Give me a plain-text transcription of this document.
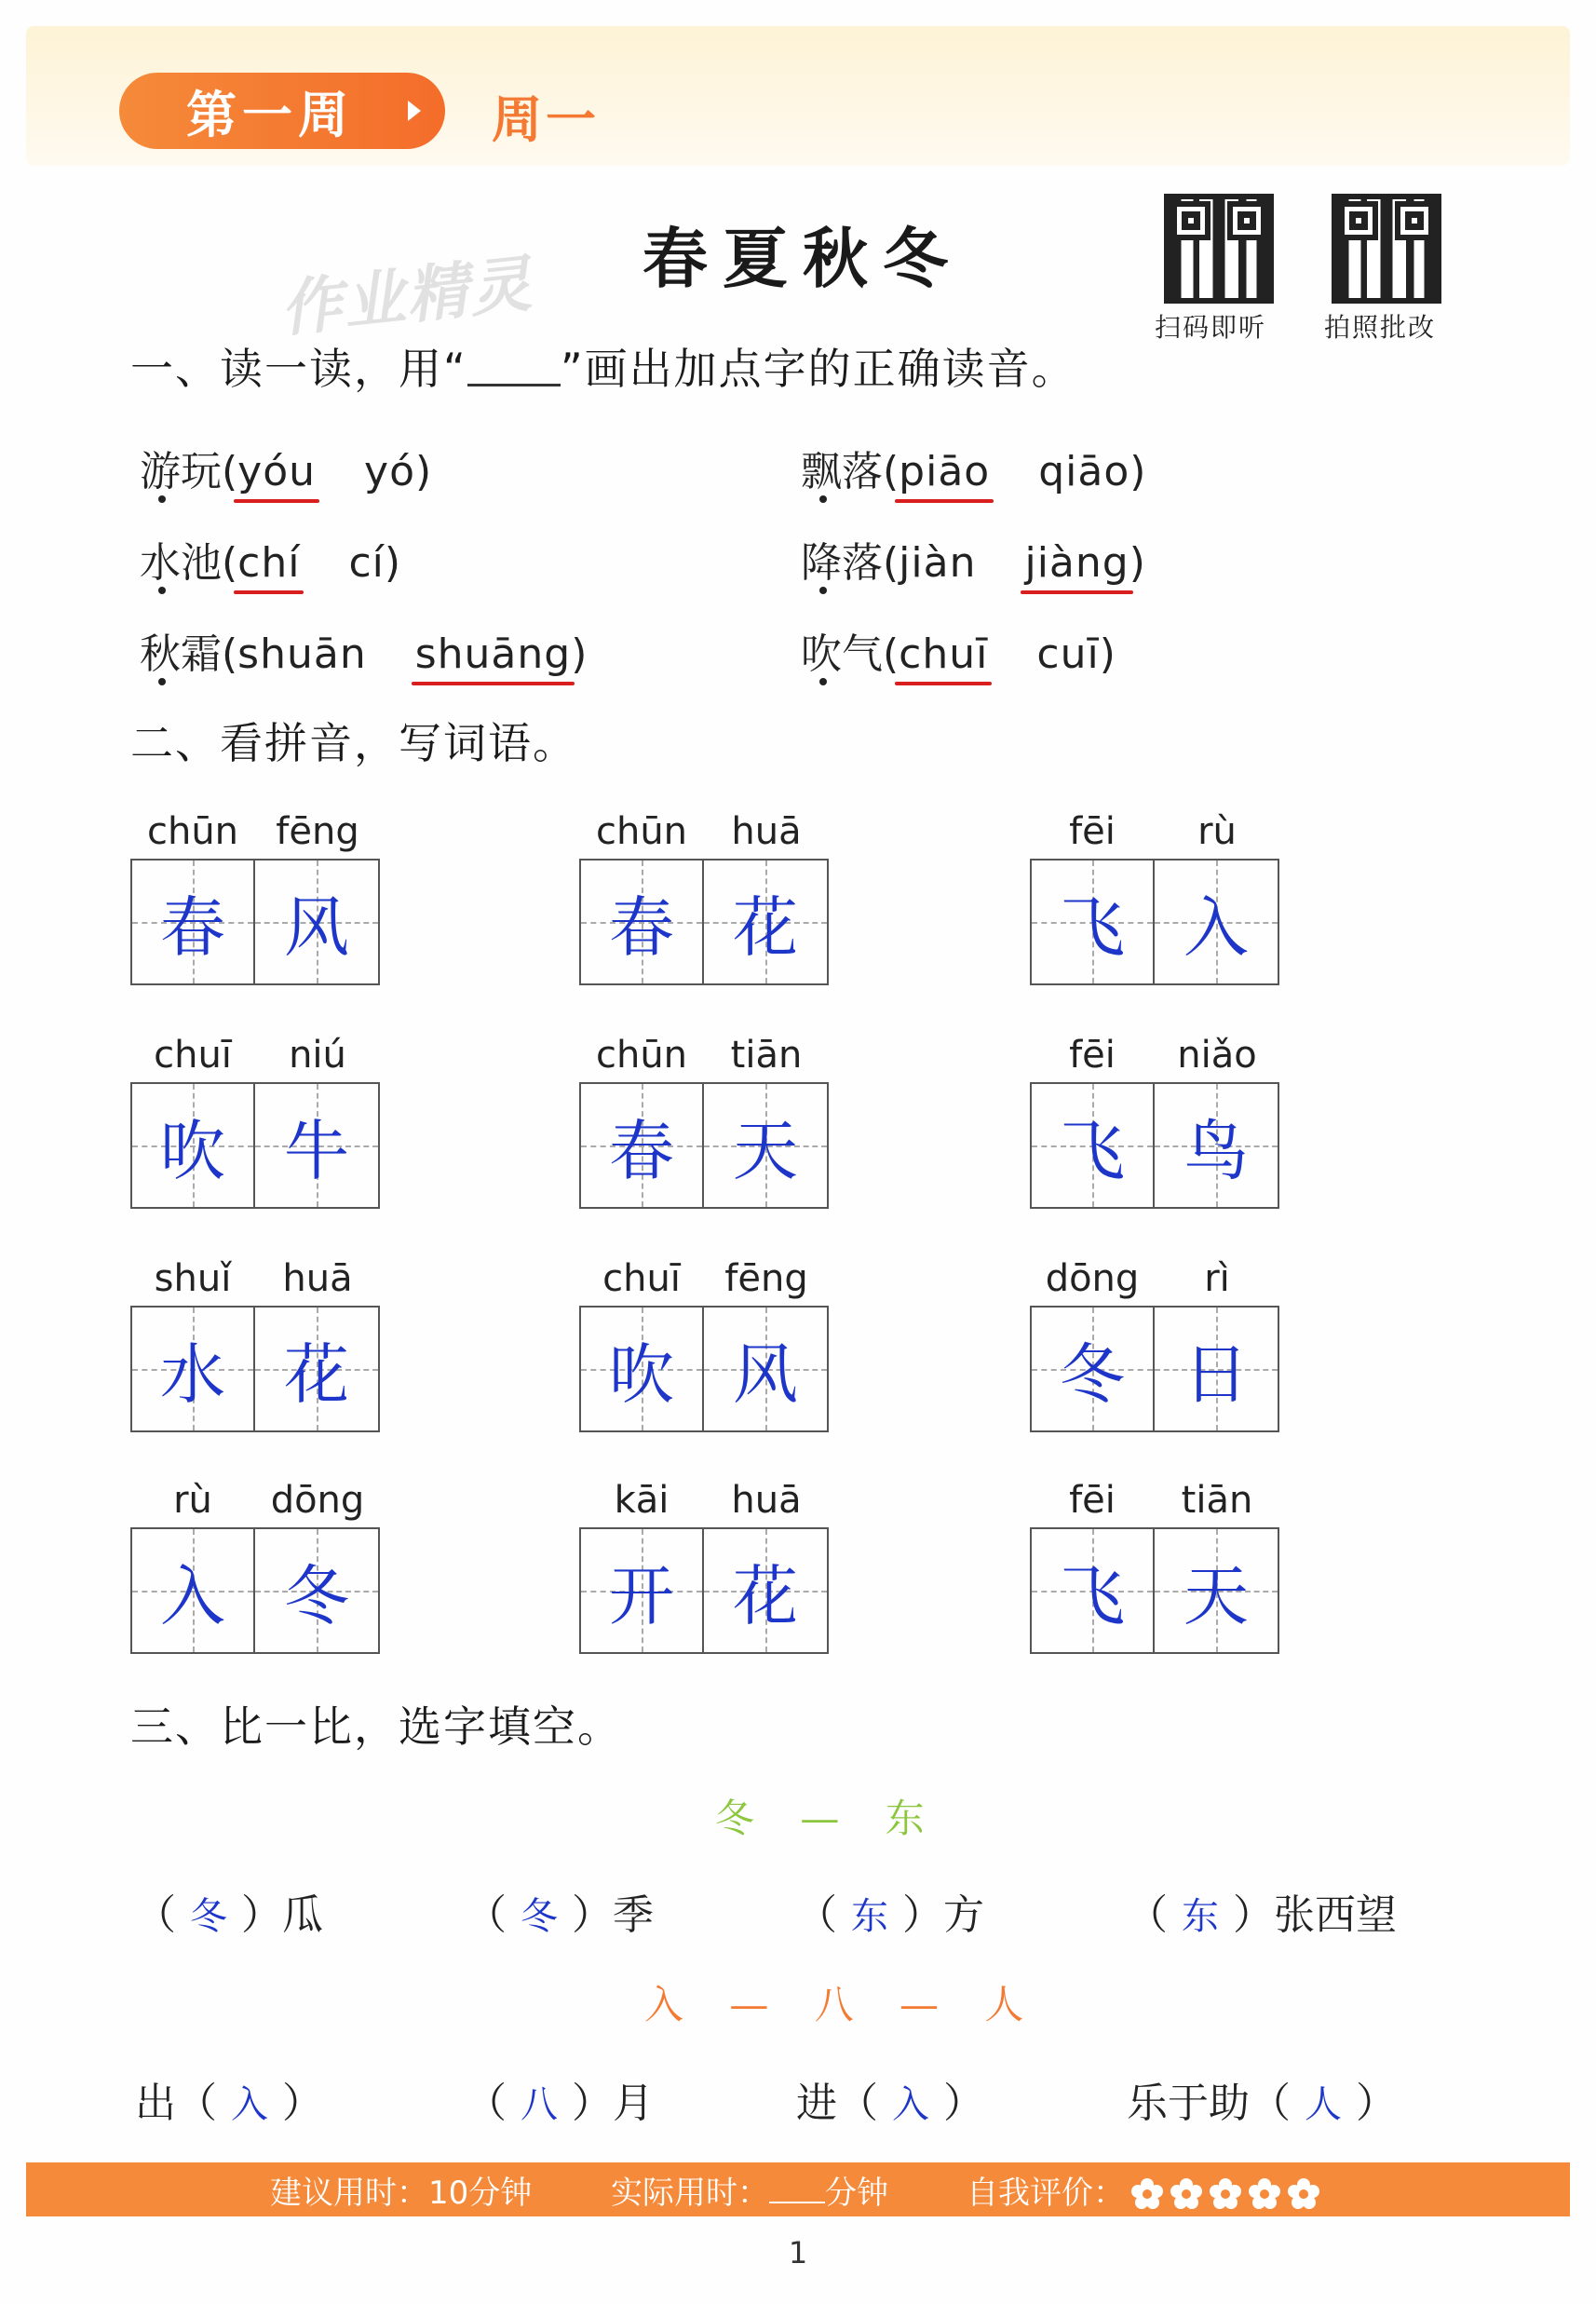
第一周	周一
春夏秋冬
作业精灵	扫码即听 拍照批改
一、读一读，用“ ”画出加点字的正确读音。
游玩(yóu yó)	飘落(piāo qiāo)
水池(chí cí)	降落(jiàn jiàng)
秋霜(shuān shuāng)	吹气(chuī cuī)
二、看拼音，写词语。
chūn	fēng
春 风
chūn	huā
春 花
fēi	rù
飞 入
chuī	niú
吹 牛
chūn	tiān
春 天
fēi	niǎo
飞 鸟
shuǐ	huā
水 花
chuī	fēng
吹 风
dōng	rì
冬 日
rù	dōng
入 冬
kāi	huā
开 花
fēi	tiān
飞 天
三、比一比，选字填空。
冬 — 东
（ 冬 ）瓜	（ 冬 ）季	（ 东 ）方	（ 东 ）张西望
入 — 八 — 人
出（ 入 ）	（ 八 ）月	进（ 入 ）	乐于助（ 人 ）
建议用时：10分钟 实际用时： 分钟 自我评价：
1
